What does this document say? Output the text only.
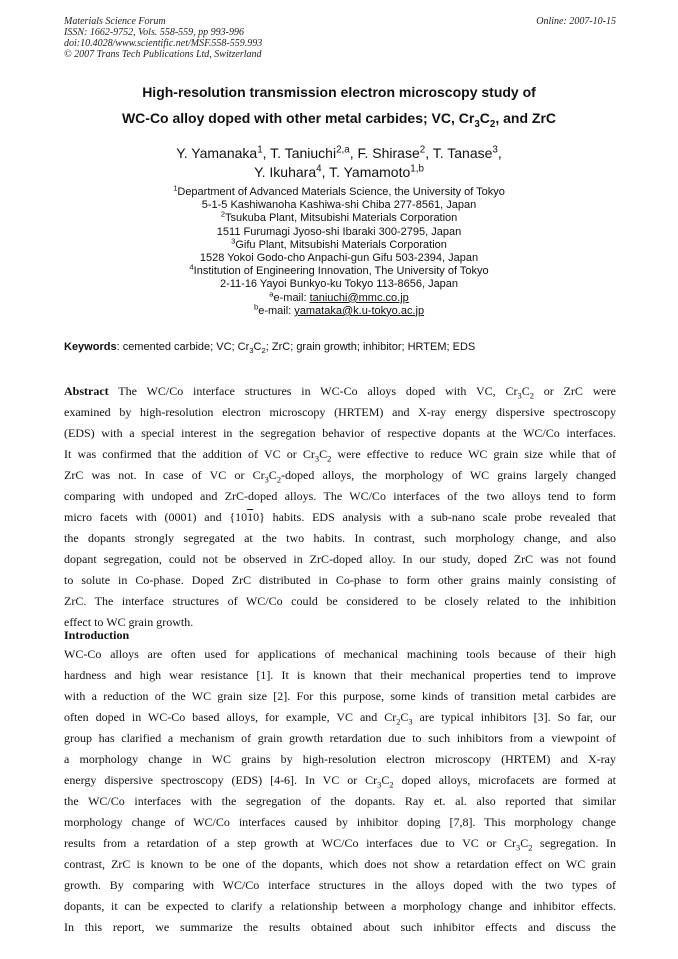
Materials Science Forum
ISSN: 1662-9752, Vols. 558-559, pp 993-996
doi:10.4028/www.scientific.net/MSF.558-559.993
© 2007 Trans Tech Publications Ltd, Switzerland
Online: 2007-10-15
High-resolution transmission electron microscopy study of
WC-Co alloy doped with other metal carbides; VC, $Cr_3C_2$, and ZrC
Y. Yamanaka$^1$, T. Taniuchi$^{2,a}$, F. Shirase$^2$, T. Tanase$^3$,
Y. Ikuhara$^4$, T. Yamamoto$^{1,b}$
$^1$Department of Advanced Materials Science, the University of Tokyo
5-1-5 Kashiwanoha Kashiwa-shi Chiba 277-8561, Japan
$^2$Tsukuba Plant, Mitsubishi Materials Corporation
1511 Furumagi Jyoso-shi Ibaraki 300-2795, Japan
$^3$Gifu Plant, Mitsubishi Materials Corporation
1528 Yokoi Godo-cho Anpachi-gun Gifu 503-2394, Japan
$^4$Institution of Engineering Innovation, The University of Tokyo
2-11-16 Yayoi Bunkyo-ku Tokyo 113-8656, Japan
$^a$e-mail: taniuchi@mmc.co.jp
$^b$e-mail: yamataka@k.u-tokyo.ac.jp
Keywords: cemented carbide; VC; $Cr_3C_2$; ZrC; grain growth; inhibitor; HRTEM; EDS
Abstract The WC/Co interface structures in WC-Co alloys doped with VC, $Cr_3C_2$ or ZrC were
examined by high-resolution electron microscopy (HRTEM) and X-ray energy dispersive spectroscopy
(EDS) with a special interest in the segregation behavior of respective dopants at the WC/Co interfaces.
It was confirmed that the addition of VC or $Cr_3C_2$ were effective to reduce WC grain size while that of
ZrC was not. In case of VC or $Cr_3C_2$-doped alloys, the morphology of WC grains largely changed
comparing with undoped and ZrC-doped alloys. The WC/Co interfaces of the two alloys tend to form
micro facets with (0001) and {1010} habits. EDS analysis with a sub-nano scale probe revealed that
the dopants strongly segregated at the two habits. In contrast, such morphology change, and also
dopant segregation, could not be observed in ZrC-doped alloy. In our study, doped ZrC was not found
to solute in Co-phase. Doped ZrC distributed in Co-phase to form other grains mainly consisting of
ZrC. The interface structures of WC/Co could be considered to be closely related to the inhibition
effect to WC grain growth.
Introduction
WC-Co alloys are often used for applications of mechanical machining tools because of their high
hardness and high wear resistance [1]. It is known that their mechanical properties tend to improve
with a reduction of the WC grain size [2]. For this purpose, some kinds of transition metal carbides are
often doped in WC-Co based alloys, for example, VC and $Cr_2C_3$ are typical inhibitors [3]. So far, our
group has clarified a mechanism of grain growth retardation due to such inhibitors from a viewpoint of
a morphology change in WC grains by high-resolution electron microscopy (HRTEM) and X-ray
energy dispersive spectroscopy (EDS) [4-6]. In VC or $Cr_3C_2$ doped alloys, microfacets are formed at
the WC/Co interfaces with the segregation of the dopants. Ray et. al. also reported that similar
morphology change of WC/Co interfaces caused by inhibitor doping [7,8]. This morphology change
results from a retardation of a step growth at WC/Co interfaces due to VC or $Cr_3C_2$ segregation. In
contrast, ZrC is known to be one of the dopants, which does not show a retardation effect on WC grain
growth. By comparing with WC/Co interface structures in the alloys doped with the two types of
dopants, it can be expected to clarify a relationship between a morphology change and inhibitor effects.
In this report, we summarize the results obtained about such inhibitor effects and discuss the
